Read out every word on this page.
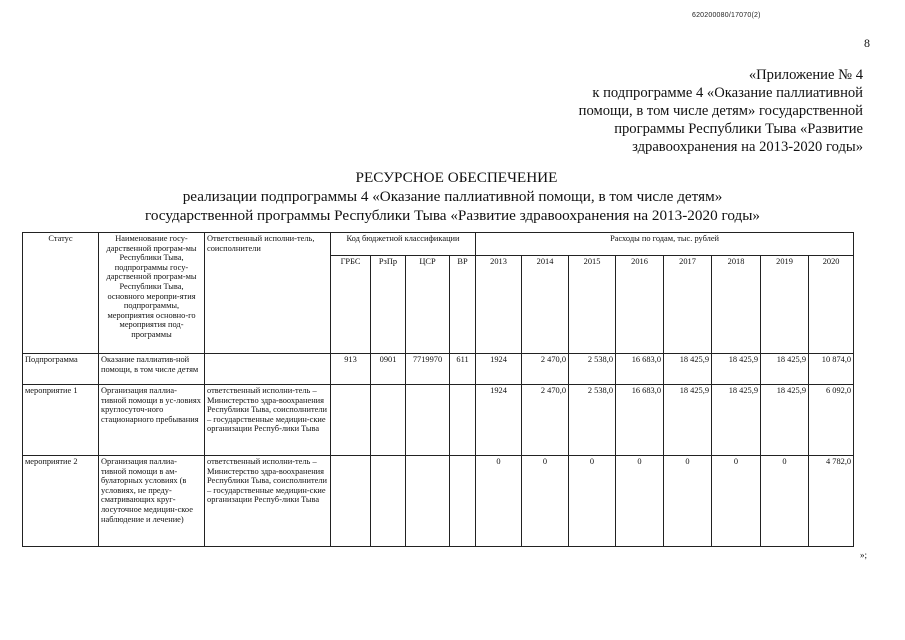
620200080/17070(2)
8
«Приложение № 4
к подпрограмме 4 «Оказание паллиативной
помощи, в том числе детям» государственной
программы Республики Тыва «Развитие
здравоохранения на 2013-2020 годы»
РЕСУРСНОЕ ОБЕСПЕЧЕНИЕ
реализации подпрограммы 4 «Оказание паллиативной помощи, в том числе детям»
государственной программы Республики Тыва «Развитие здравоохранения на 2013-2020 годы»
Статус	Наименование госу-дарственной програм-мы Республики Тыва, подпрограммы госу-дарственной програм-мы Республики Тыва, основного меропри-ятия подпрограммы, мероприятия основно-го мероприятия под-программы	Ответственный исполни-тель, соисполнители	Код бюджетной классификации				Расходы по годам, тыс. рублей							
			ГРБС	РзПр	ЦСР	ВР	2013	2014	2015	2016	2017	2018	2019	2020
Подпрограмма	Оказание паллиатив-ной помощи, в том числе детям		913	0901	7719970	611	1924	2 470,0	2 538,0	16 683,0	18 425,9	18 425,9	18 425,9	10 874,0
мероприятие 1	Организация паллиа-тивной помощи в ус-ловиях круглосуточ-ного стационарного пребывания	ответственный исполни-тель – Министерство здра-воохранения Республики Тыва, соисполнители – государственные медицин-ские организации Респуб-лики Тыва					1924	2 470,0	2 538,0	16 683,0	18 425,9	18 425,9	18 425,9	6 092,0
мероприятие 2	Организация паллиа-тивной помощи в ам-булаторных условиях (в условиях, не преду-сматривающих круг-лосуточное медицин-ское наблюдение и лечение)	ответственный исполни-тель – Министерство здра-воохранения Республики Тыва, соисполнители – государственные медицин-ские организации Респуб-лики Тыва					0	0	0	0	0	0	0	4 782,0
»;
